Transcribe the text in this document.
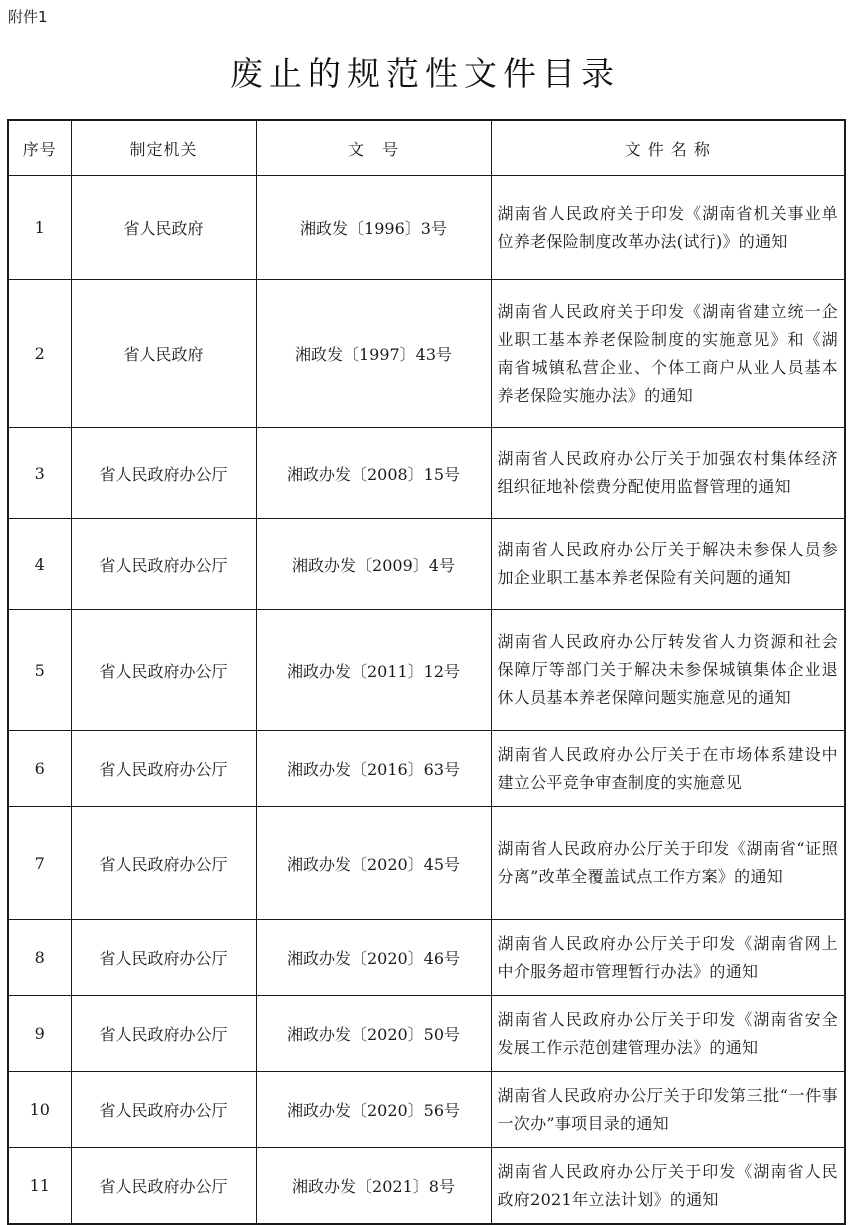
附件1
废止的规范性文件目录
序号	制定机关	文　号	文 件 名 称
1	省人民政府	湘政发〔1996〕3号	湖南省人民政府关于印发《湖南省机关事业单位养老保险制度改革办法(试行)》的通知
2	省人民政府	湘政发〔1997〕43号	湖南省人民政府关于印发《湖南省建立统一企业职工基本养老保险制度的实施意见》和《湖南省城镇私营企业、个体工商户从业人员基本养老保险实施办法》的通知
3	省人民政府办公厅	湘政办发〔2008〕15号	湖南省人民政府办公厅关于加强农村集体经济组织征地补偿费分配使用监督管理的通知
4	省人民政府办公厅	湘政办发〔2009〕4号	湖南省人民政府办公厅关于解决未参保人员参加企业职工基本养老保险有关问题的通知
5	省人民政府办公厅	湘政办发〔2011〕12号	湖南省人民政府办公厅转发省人力资源和社会保障厅等部门关于解决未参保城镇集体企业退休人员基本养老保障问题实施意见的通知
6	省人民政府办公厅	湘政办发〔2016〕63号	湖南省人民政府办公厅关于在市场体系建设中建立公平竞争审查制度的实施意见
7	省人民政府办公厅	湘政办发〔2020〕45号	湖南省人民政府办公厅关于印发《湖南省“证照分离”改革全覆盖试点工作方案》的通知
8	省人民政府办公厅	湘政办发〔2020〕46号	湖南省人民政府办公厅关于印发《湖南省网上中介服务超市管理暂行办法》的通知
9	省人民政府办公厅	湘政办发〔2020〕50号	湖南省人民政府办公厅关于印发《湖南省安全发展工作示范创建管理办法》的通知
10	省人民政府办公厅	湘政办发〔2020〕56号	湖南省人民政府办公厅关于印发第三批“一件事一次办”事项目录的通知
11	省人民政府办公厅	湘政办发〔2021〕8号	湖南省人民政府办公厅关于印发《湖南省人民政府2021年立法计划》的通知
